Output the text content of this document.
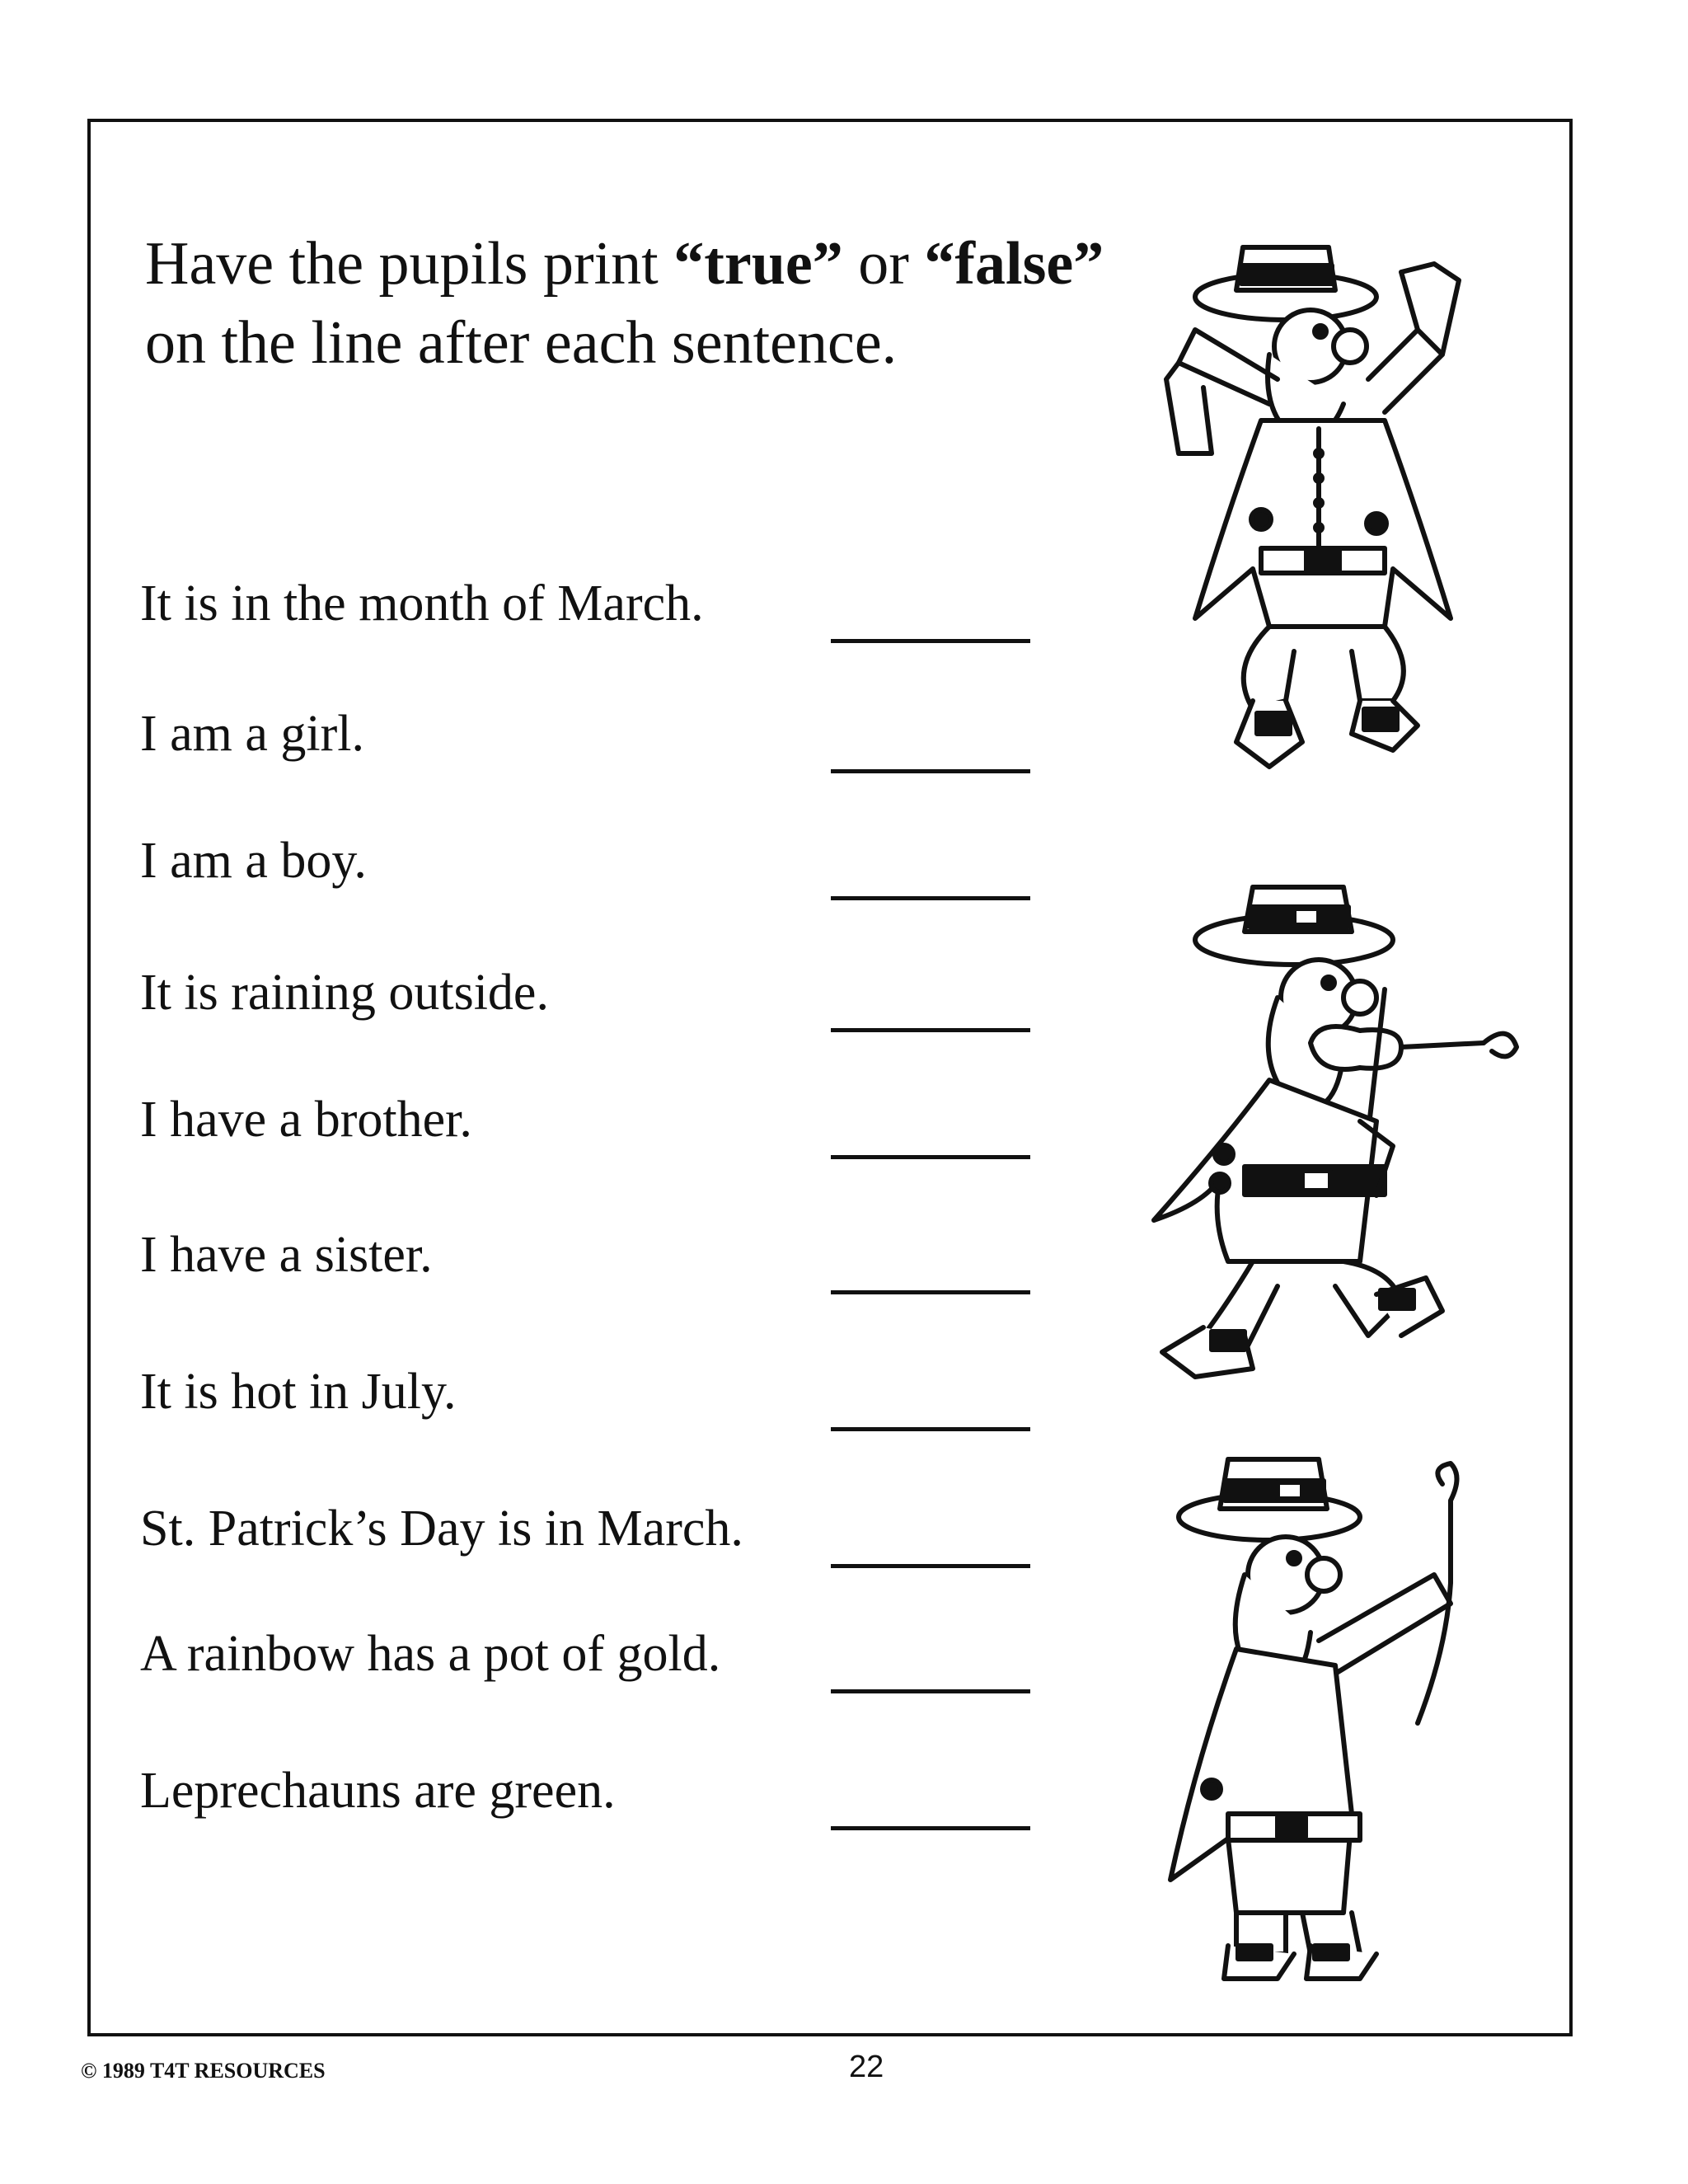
Have the pupils print “true” or “false”
on the line after each sentence.
It is in the month of March.
I am a girl.
I am a boy.
It is raining outside.
I have a brother.
I have a sister.
It is hot in July.
St. Patrick’s Day is in March.
A rainbow has a pot of gold.
Leprechauns are green.
© 1989 T4T RESOURCES	22
